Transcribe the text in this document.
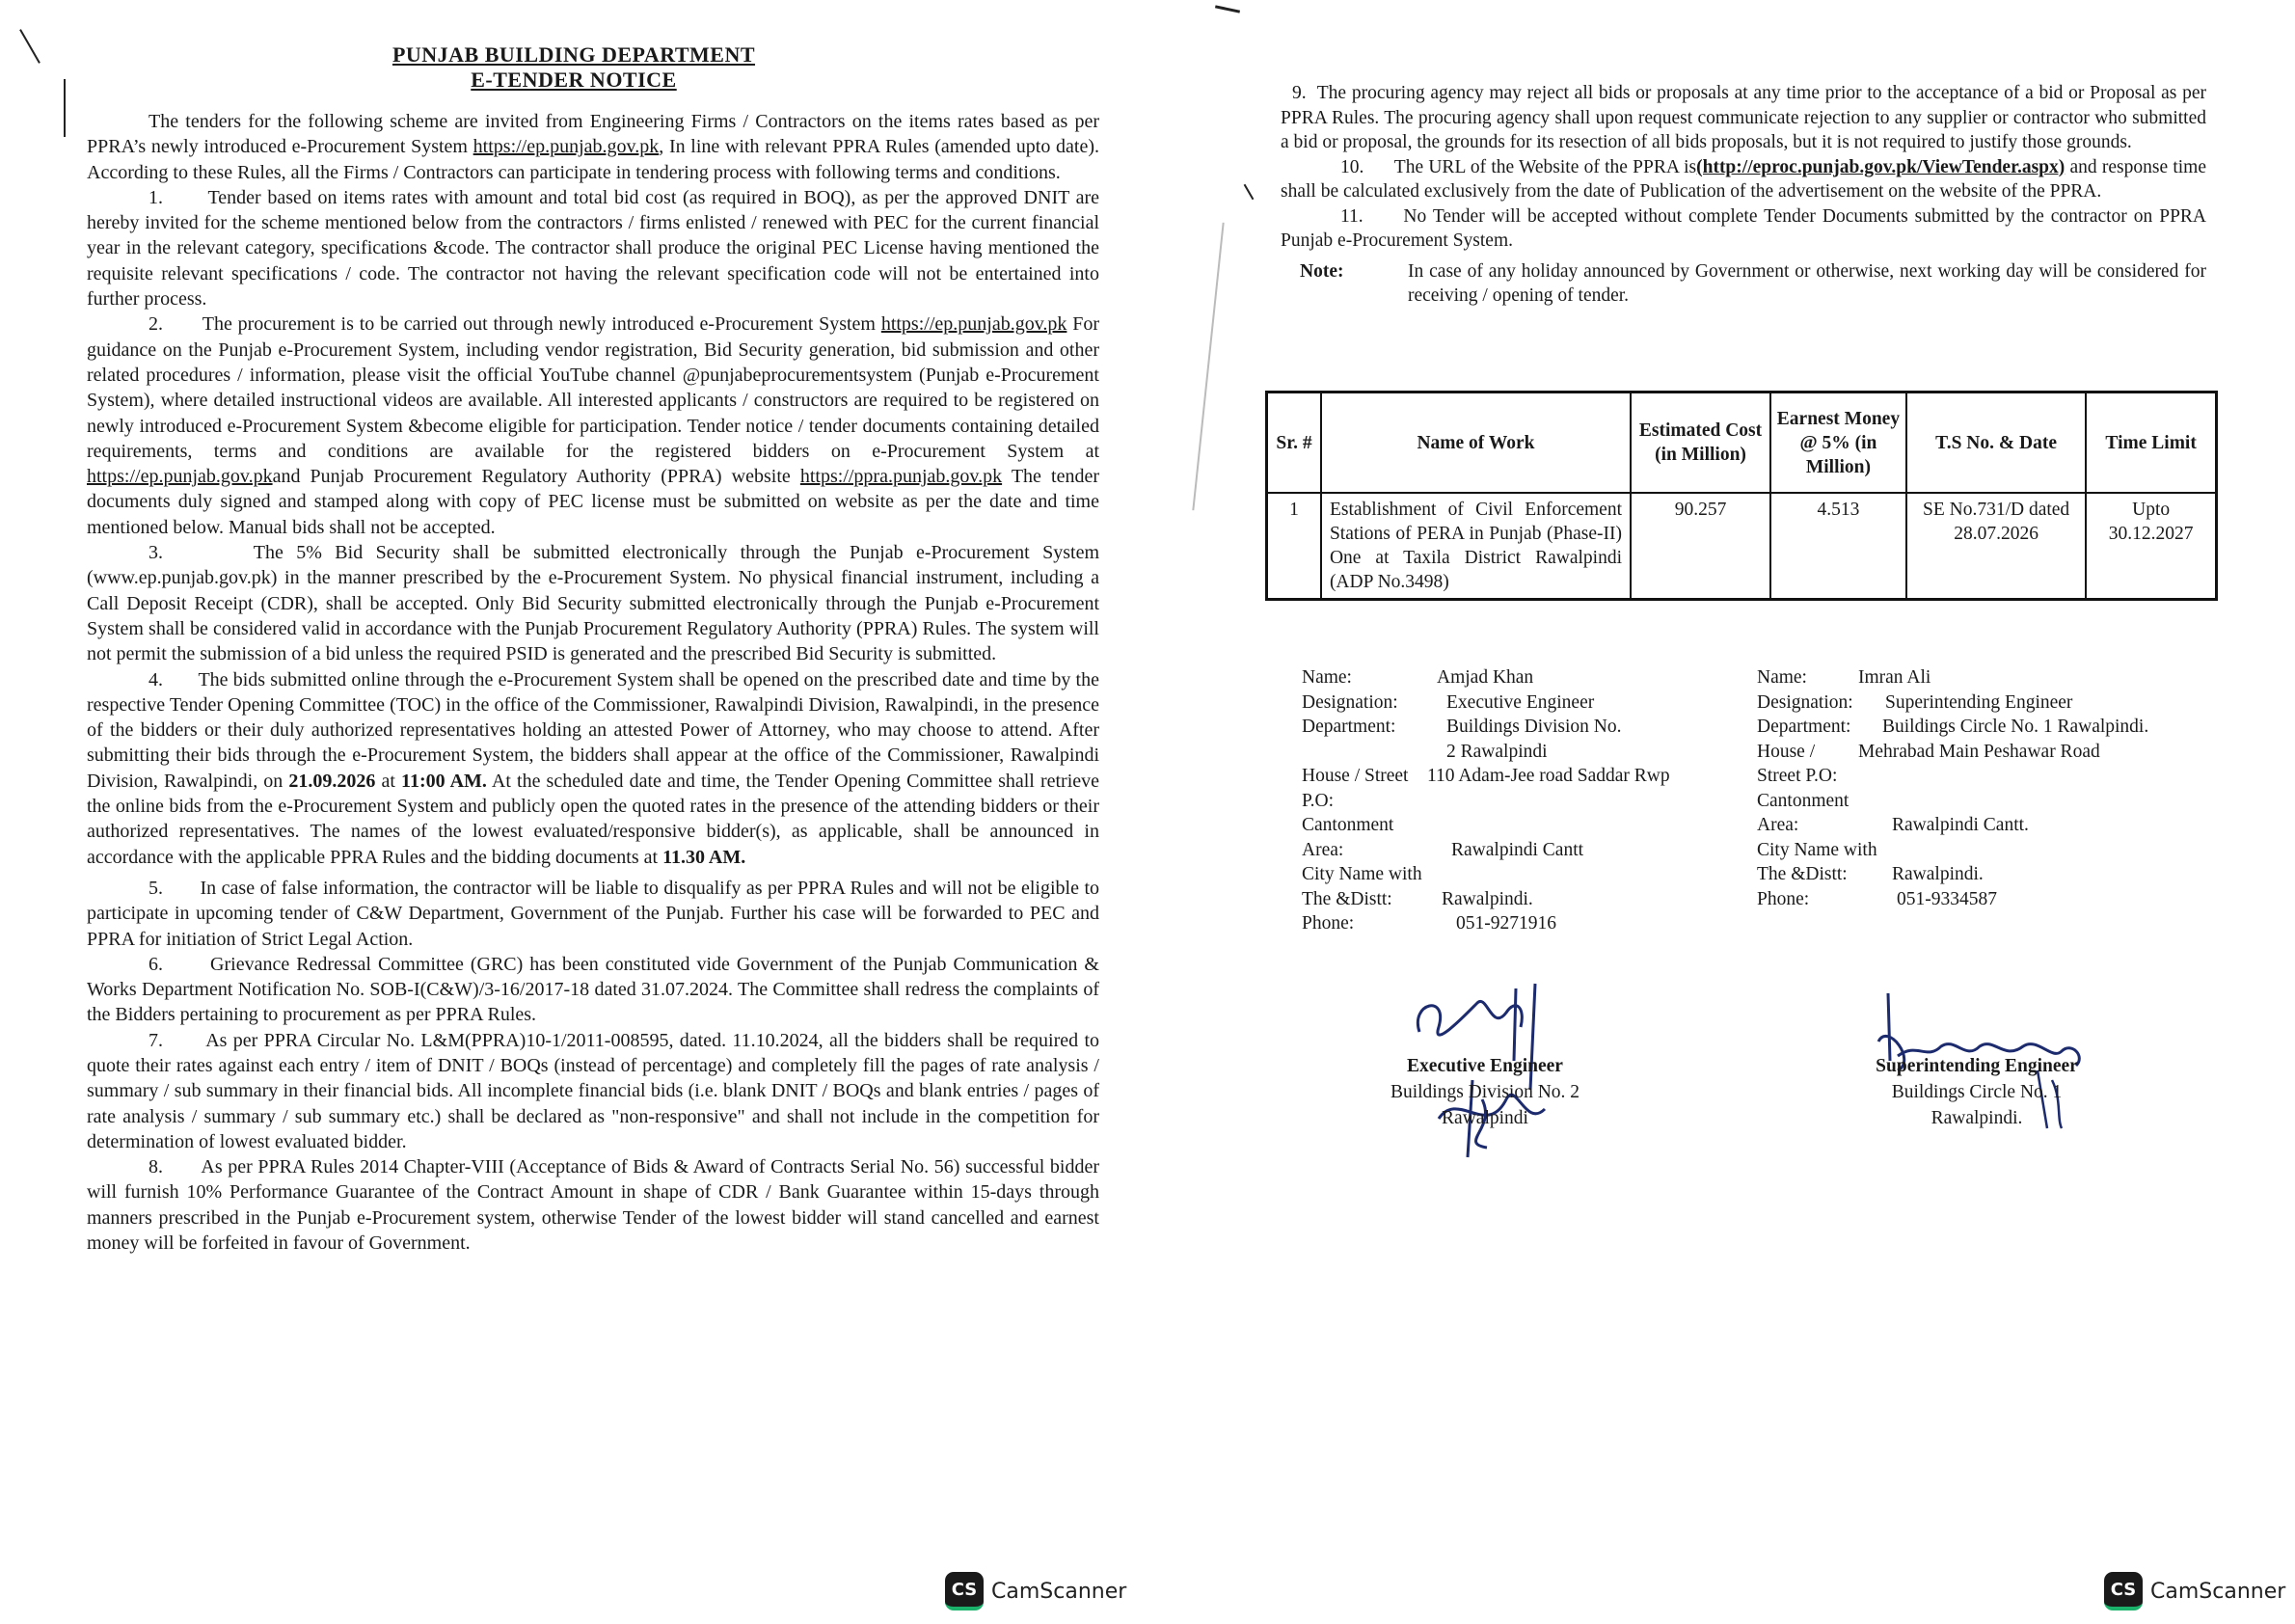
PUNJAB BUILDING DEPARTMENT
E-TENDER NOTICE

The tenders for the following scheme are invited from Engineering Firms / Contractors on the items rates based as per PPRA’s newly introduced e-Procurement System https://ep.punjab.gov.pk, In line with relevant PPRA Rules (amended upto date). According to these Rules, all the Firms / Contractors can participate in tendering process with following terms and conditions.

1. Tender based on items rates with amount and total bid cost (as required in BOQ), as per the approved DNIT are hereby invited for the scheme mentioned below from the contractors / firms enlisted / renewed with PEC for the current financial year in the relevant category, specifications &code. The contractor shall produce the original PEC License having mentioned the requisite relevant specifications / code. The contractor not having the relevant specification code will not be entertained into further process.

2. The procurement is to be carried out through newly introduced e-Procurement System https://ep.punjab.gov.pk For guidance on the Punjab e-Procurement System, including vendor registration, Bid Security generation, bid submission and other related procedures / information, please visit the official YouTube channel @punjabeprocurementsystem (Punjab e-Procurement System), where detailed instructional videos are available. All interested applicants / constructors are required to be registered on newly introduced e-Procurement System &become eligible for participation. Tender notice / tender documents containing detailed requirements, terms and conditions are available for the registered bidders on e-Procurement System at https://ep.punjab.gov.pkand Punjab Procurement Regulatory Authority (PPRA) website https://ppra.punjab.gov.pk The tender documents duly signed and stamped along with copy of PEC license must be submitted on website as per the date and time mentioned below. Manual bids shall not be accepted.

3.	The 5% Bid Security shall be submitted electronically through the Punjab e-Procurement System (www.ep.punjab.gov.pk) in the manner prescribed by the e-Procurement System. No physical financial instrument, including a Call Deposit Receipt (CDR), shall be accepted. Only Bid Security submitted electronically through the Punjab e-Procurement System shall be considered valid in accordance with the Punjab Procurement Regulatory Authority (PPRA) Rules. The system will not permit the submission of a bid unless the required PSID is generated and the prescribed Bid Security is submitted.

4. The bids submitted online through the e-Procurement System shall be opened on the prescribed date and time by the respective Tender Opening Committee (TOC) in the office of the Commissioner, Rawalpindi Division, Rawalpindi, in the presence of the bidders or their duly authorized representatives holding an attested Power of Attorney, who may choose to attend. After submitting their bids through the e-Procurement System, the bidders shall appear at the office of the Commissioner, Rawalpindi Division, Rawalpindi, on 21.09.2026 at 11:00 AM. At the scheduled date and time, the Tender Opening Committee shall retrieve the online bids from the e-Procurement System and publicly open the quoted rates in the presence of the attending bidders or their authorized representatives. The names of the lowest evaluated/responsive bidder(s), as applicable, shall be announced in accordance with the applicable PPRA Rules and the bidding documents at 11.30 AM.

5. In case of false information, the contractor will be liable to disqualify as per PPRA Rules and will not be eligible to participate in upcoming tender of C&W Department, Government of the Punjab. Further his case will be forwarded to PEC and PPRA for initiation of Strict Legal Action.

6. Grievance Redressal Committee (GRC) has been constituted vide Government of the Punjab Communication & Works Department Notification No. SOB-I(C&W)/3-16/2017-18 dated 31.07.2024. The Committee shall redress the complaints of the Bidders pertaining to procurement as per PPRA Rules.

7. As per PPRA Circular No. L&M(PPRA)10-1/2011-008595, dated. 11.10.2024, all the bidders shall be required to quote their rates against each entry / item of DNIT / BOQs (instead of percentage) and completely fill the pages of rate analysis / summary / sub summary in their financial bids. All incomplete financial bids (i.e. blank DNIT / BOQs and blank entries / pages of rate analysis / summary / sub summary etc.) shall be declared as "non-responsive" and shall not include in the competition for determination of lowest evaluated bidder.

8. As per PPRA Rules 2014 Chapter-VIII (Acceptance of Bids & Award of Contracts Serial No. 56) successful bidder will furnish 10% Performance Guarantee of the Contract Amount in shape of CDR / Bank Guarantee within 15-days through manners prescribed in the Punjab e-Procurement system, otherwise Tender of the lowest bidder will stand cancelled and earnest money will be forfeited in favour of Government.

CS CamScanner

9. The procuring agency may reject all bids or proposals at any time prior to the acceptance of a bid or Proposal as per PPRA Rules. The procuring agency shall upon request communicate rejection to any supplier or contractor who submitted a bid or proposal, the grounds for its resection of all bids proposals, but it is not required to justify those grounds.

10. The URL of the Website of the PPRA is(http://eproc.punjab.gov.pk/ViewTender.aspx) and response time shall be calculated exclusively from the date of Publication of the advertisement on the website of the PPRA.

11. No Tender will be accepted without complete Tender Documents submitted by the contractor on PPRA Punjab e-Procurement System.

Note:	In case of any holiday announced by Government or otherwise, next working day will be considered for receiving / opening of tender.
Sr. #	Name of Work	Estimated Cost (in Million)	Earnest Money @ 5% (in Million)	T.S No. & Date	Time Limit
1	Establishment of Civil Enforcement Stations of PERA in Punjab (Phase-II) One at Taxila District Rawalpindi (ADP No.3498)	90.257	4.513	SE No.731/D dated 28.07.2026	Upto 30.12.2027
Name:	Amjad Khan
Designation:	Executive Engineer
Department:	Buildings Division No. 2 Rawalpindi
House / Street P.O: Cantonment
110 Adam-Jee road Saddar Rwp
Area:	Rawalpindi Cantt
City Name with The &Distt:	Rawalpindi.
Phone:	051-9271916
Name:	Imran Ali
Designation:	Superintending Engineer
Department:	Buildings Circle No. 1 Rawalpindi.
House / Street P.O: Cantonment
Mehrabad Main Peshawar Road
Area:	Rawalpindi Cantt.
City Name with The &Distt:	Rawalpindi.
Phone:	051-9334587
Executive Engineer
Buildings Division No. 2
Rawalpindi
Superintending Engineer
Buildings Circle No. 1
Rawalpindi.
CS CamScanner
